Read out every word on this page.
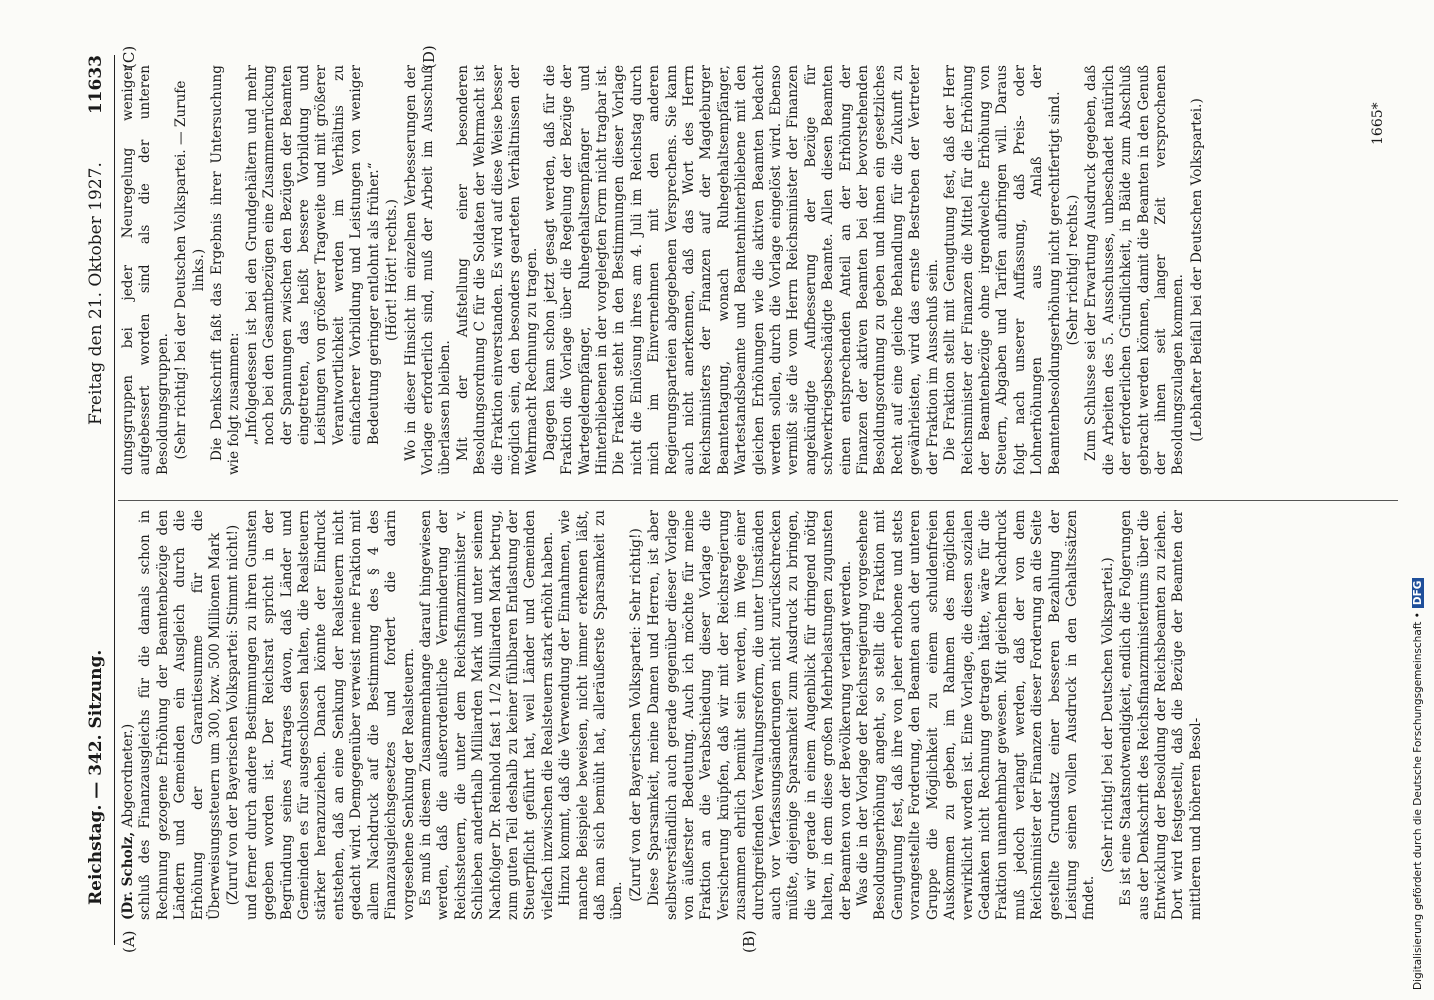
Reichstag. — 342. Sitzung.
Freitag den 21. Oktober 1927.
11633
(A)	(B)
(C)	(D)

(Dr. Scholz, Abgeordneter.)
schluß des Finanzausgleichs für die damals schon in Rechnung gezogene Erhöhung der Beamtenbezüge den Ländern und Gemeinden ein Ausgleich durch die Erhöhung der Garantiesumme für die Überweisungssteuern um 300, bzw. 500 Millionen Mark (Zuruf von der Bayerischen Volkspartei: Stimmt nicht!) und ferner durch andere Bestimmungen zu ihren Gunsten gegeben worden ist. Der Reichsrat spricht in der Begründung seines Antrages davon, daß Länder und Gemeinden es für ausgeschlossen halten, die Realsteuern stärker heranzuziehen. Danach könnte der Eindruck entstehen, daß an eine Senkung der Realsteuern nicht gedacht wird. Demgegenüber verweist meine Fraktion mit allem Nachdruck auf die Bestimmung des § 4 des Finanzausgleichsgesetzes und fordert die darin vorgesehene Senkung der Realsteuern. Es muß in diesem Zusammenhange darauf hingewiesen werden, daß die außerordentliche Verminderung der Reichssteuern, die unter dem Reichsfinanzminister v. Schlieben anderthalb Milliarden Mark und unter seinem Nachfolger Dr. Reinhold fast 1 1/2 Milliarden Mark betrug, zum guten Teil deshalb zu keiner fühlbaren Entlastung der Steuerpflicht geführt hat, weil Länder und Gemeinden vielfach inzwischen die Realsteuern stark erhöht haben. Hinzu kommt, daß die Verwendung der Einnahmen, wie manche Beispiele beweisen, nicht immer erkennen läßt, daß man sich bemüht hat, alleräußerste Sparsamkeit zu üben. (Zuruf von der Bayerischen Volkspartei: Sehr richtig!) Diese Sparsamkeit, meine Damen und Herren, ist aber selbstverständlich auch gerade gegenüber dieser Vorlage von äußerster Bedeutung. Auch ich möchte für meine Fraktion an die Verabschiedung dieser Vorlage die Versicherung knüpfen, daß wir mit der Reichsregierung zusammen ehrlich bemüht sein werden, im Wege einer durchgreifenden Verwaltungsreform, die unter Umständen auch vor Verfassungsänderungen nicht zurückschrecken müßte, diejenige Sparsamkeit zum Ausdruck zu bringen, die wir gerade in einem Augenblick für dringend nötig halten, in dem diese großen Mehrbelastungen zugunsten der Beamten von der Bevölkerung verlangt werden. Was die in der Vorlage der Reichsregierung vorgesehene Besoldungserhöhung angeht, so stellt die Fraktion mit Genugtuung fest, daß ihre von jeher erhobene und stets vorangestellte Forderung, den Beamten auch der unteren Gruppe die Möglichkeit zu einem schuldenfreien Auskommen zu geben, im Rahmen des möglichen verwirklicht worden ist. Eine Vorlage, die diesen sozialen Gedanken nicht Rechnung getragen hätte, wäre für die Fraktion unannehmbar gewesen. Mit gleichem Nachdruck muß jedoch verlangt werden, daß der von dem Reichsminister der Finanzen dieser Forderung an die Seite gestellte Grundsatz einer besseren Bezahlung der Leistung seinen vollen Ausdruck in den Gehaltssätzen findet.

(Sehr richtig! bei der Deutschen Volkspartei.) Es ist eine Staatsnotwendigkeit, endlich die Folgerungen aus der Denkschrift des Reichsfinanzministeriums über die Entwicklung der Besoldung der Reichsbeamten zu ziehen. Dort wird festgestellt, daß die Bezüge der Beamten der mittleren und höheren Besol-

dungsgruppen bei jeder Neuregelung weniger aufgebessert worden sind als die der unteren Besoldungsgruppen. (Sehr richtig! bei der Deutschen Volkspartei. — Zurufe links.) Die Denkschrift faßt das Ergebnis ihrer Untersuchung wie folgt zusammen: „Infolgedessen ist bei den Grundgehältern und mehr noch bei den Gesamtbezügen eine Zusammenrückung der Spannungen zwischen den Bezügen der Beamten eingetreten, das heißt bessere Vorbildung und Leistungen von größerer Tragweite und mit größerer Verantwortlichkeit werden im Verhältnis zu einfacherer Vorbildung und Leistungen von weniger Bedeutung geringer entlohnt als früher.“ (Hört! Hört! rechts.) Wo in dieser Hinsicht im einzelnen Verbesserungen der Vorlage erforderlich sind, muß der Arbeit im Ausschuß überlassen bleiben. Mit der Aufstellung einer besonderen Besoldungsordnung C für die Soldaten der Wehrmacht ist die Fraktion einverstanden. Es wird auf diese Weise besser möglich sein, den besonders gearteten Verhältnissen der Wehrmacht Rechnung zu tragen. Dagegen kann schon jetzt gesagt werden, daß für die Fraktion die Vorlage über die Regelung der Bezüge der Wartegeldempfänger, Ruhegehaltsempfänger und Hinterbliebenen in der vorgelegten Form nicht tragbar ist. Die Fraktion steht in den Bestimmungen dieser Vorlage nicht die Einlösung ihres am 4. Juli im Reichstag durch mich im Einvernehmen mit den anderen Regierungsparteien abgegebenen Versprechens. Sie kann auch nicht anerkennen, daß das Wort des Herrn Reichsministers der Finanzen auf der Magdeburger Beamtentagung, wonach Ruhegehaltsempfänger, Wartestandsbeamte und Beamtenhinterbliebene mit den gleichen Erhöhungen wie die aktiven Beamten bedacht werden sollen, durch die Vorlage eingelöst wird. Ebenso vermißt sie die vom Herrn Reichsminister der Finanzen angekündigte Aufbesserung der Bezüge für schwerkriegsbeschädigte Beamte. Allen diesen Beamten einen entsprechenden Anteil an der Erhöhung der Finanzen der aktiven Beamten bei der bevorstehenden Besoldungsordnung zu geben und ihnen ein gesetzliches Recht auf eine gleiche Behandlung für die Zukunft zu gewährleisten, wird das ernste Bestreben der Vertreter der Fraktion im Ausschuß sein. Die Fraktion stellt mit Genugtuung fest, daß der Herr Reichsminister der Finanzen die Mittel für die Erhöhung der Beamtenbezüge ohne irgendwelche Erhöhung von Steuern, Abgaben und Tarifen aufbringen will. Daraus folgt nach unserer Auffassung, daß Preis- oder Lohnerhöhungen aus Anlaß der Beamtenbesoldungserhöhung nicht gerechtfertigt sind. (Sehr richtig! rechts.) Zum Schlusse sei der Erwartung Ausdruck gegeben, daß die Arbeiten des 5. Ausschusses, unbeschadet natürlich der erforderlichen Gründlichkeit, in Bälde zum Abschluß gebracht werden können, damit die Beamten in den Genuß der ihnen seit langer Zeit versprochenen Besoldungszulagen kommen. (Lebhafter Beifall bei der Deutschen Volkspartei.)	1665*
Digitalisierung gefördert durch die Deutsche Forschungsgemeinschaft •DFG
